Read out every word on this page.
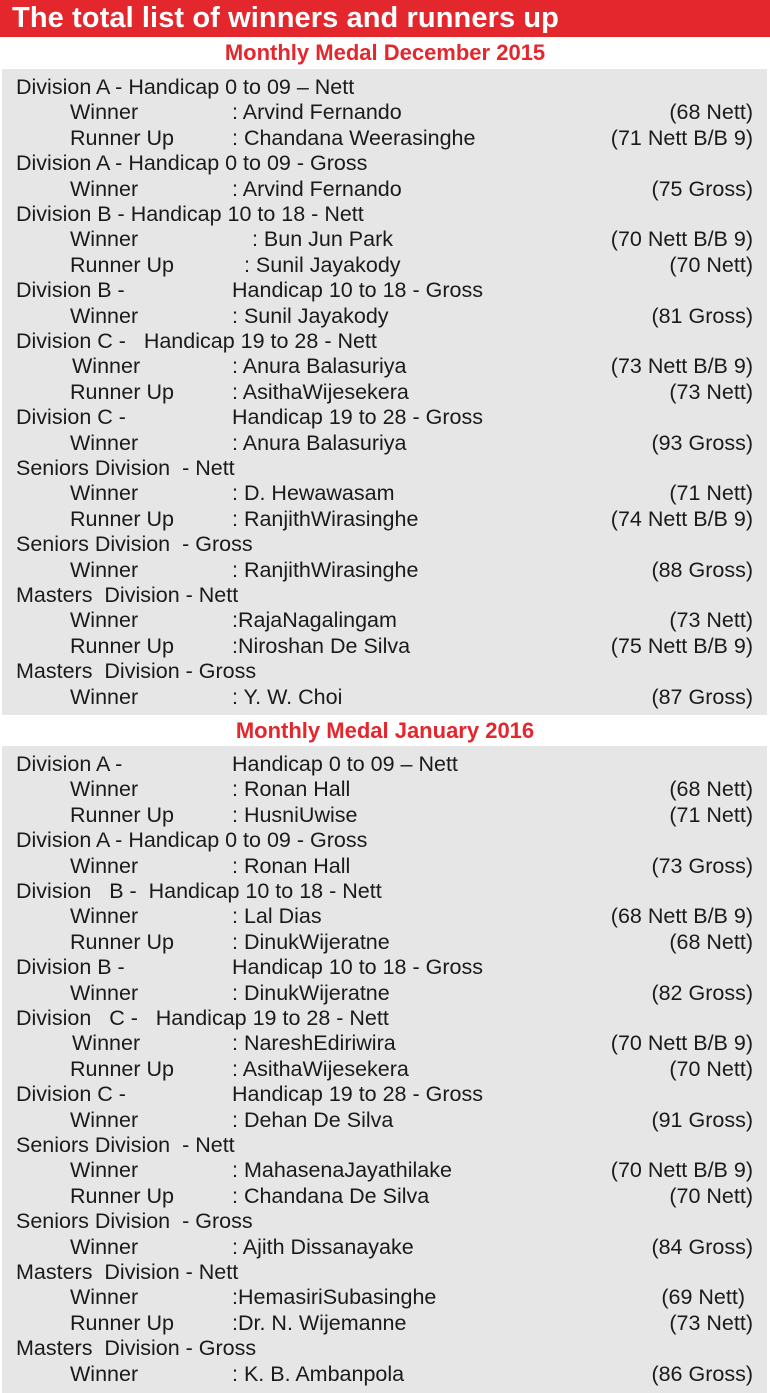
The total list of winners and runners up
Monthly Medal December 2015
Division A - Handicap 0 to 09 – Nett
Winner	: Arvind Fernando	(68 Nett)
Runner Up	: Chandana Weerasinghe	(71 Nett B/B 9)
Division A - Handicap 0 to 09 - Gross
Winner	: Arvind Fernando	(75 Gross)
Division B - Handicap 10 to 18 - Nett
Winner	: Bun Jun Park	(70 Nett B/B 9)
Runner Up	: Sunil Jayakody	(70 Nett)
Division B -	Handicap 10 to 18 - Gross
Winner	: Sunil Jayakody	(81 Gross)
Division C -   Handicap 19 to 28 - Nett
Winner	: Anura Balasuriya	(73 Nett B/B 9)
Runner Up	: AsithaWijesekera	(73 Nett)
Division C -	Handicap 19 to 28 - Gross
Winner	: Anura Balasuriya	(93 Gross)
Seniors Division  - Nett
Winner	: D. Hewawasam	(71 Nett)
Runner Up	: RanjithWirasinghe	(74 Nett B/B 9)
Seniors Division  - Gross
Winner	: RanjithWirasinghe	(88 Gross)
Masters  Division - Nett
Winner	:RajaNagalingam	(73 Nett)
Runner Up	:Niroshan De Silva	(75 Nett B/B 9)
Masters  Division - Gross
Winner	: Y. W. Choi	(87 Gross)
Monthly Medal January 2016
Division A -	Handicap 0 to 09 – Nett
Winner	: Ronan Hall	(68 Nett)
Runner Up	: HusniUwise	(71 Nett)
Division A - Handicap 0 to 09 - Gross
Winner	: Ronan Hall	(73 Gross)
Division   B -  Handicap 10 to 18 - Nett
Winner	: Lal Dias	(68 Nett B/B 9)
Runner Up	: DinukWijeratne	(68 Nett)
Division B -	Handicap 10 to 18 - Gross
Winner	: DinukWijeratne	(82 Gross)
Division   C -   Handicap 19 to 28 - Nett
Winner	: NareshEdiriwira	(70 Nett B/B 9)
Runner Up	: AsithaWijesekera	(70 Nett)
Division C -	Handicap 19 to 28 - Gross
Winner	: Dehan De Silva	(91 Gross)
Seniors Division  - Nett
Winner	: MahasenaJayathilake	(70 Nett B/B 9)
Runner Up	: Chandana De Silva	(70 Nett)
Seniors Division  - Gross
Winner	: Ajith Dissanayake	(84 Gross)
Masters  Division - Nett
Winner	:HemasiriSubasinghe	(69 Nett)
Runner Up	:Dr. N. Wijemanne	(73 Nett)
Masters  Division - Gross
Winner	: K. B. Ambanpola	(86 Gross)
